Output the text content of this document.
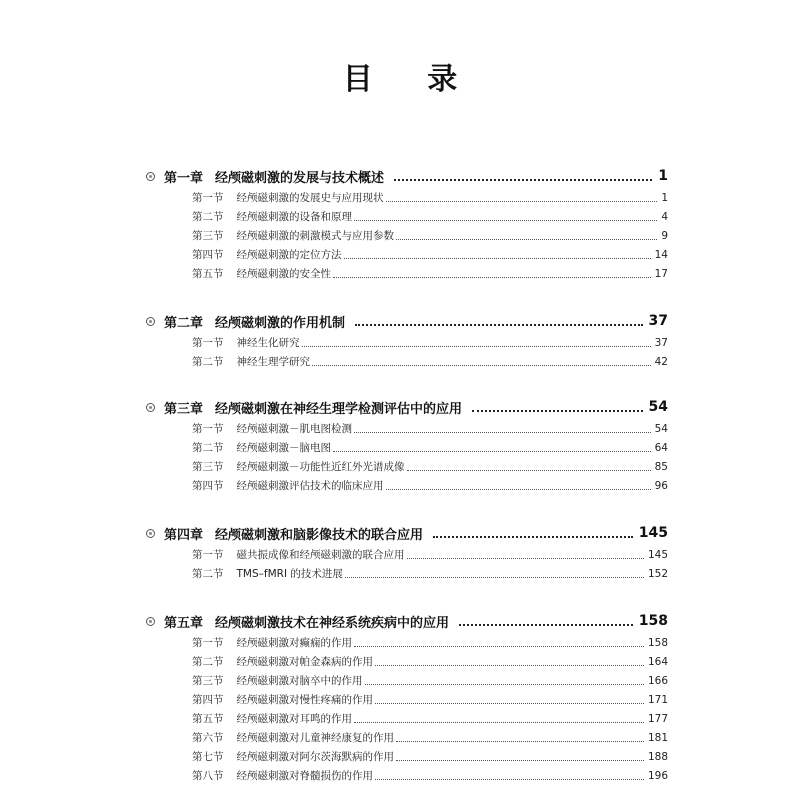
目 录
第一章 经颅磁刺激的发展与技术概述	1
第一节 经颅磁刺激的发展史与应用现状	1
第二节 经颅磁刺激的设备和原理	4
第三节 经颅磁刺激的刺激模式与应用参数	9
第四节 经颅磁刺激的定位方法	14
第五节 经颅磁刺激的安全性	17
第二章 经颅磁刺激的作用机制	37
第一节 神经生化研究	37
第二节 神经生理学研究	42
第三章 经颅磁刺激在神经生理学检测评估中的应用	54
第一节 经颅磁刺激－肌电图检测	54
第二节 经颅磁刺激－脑电图	64
第三节 经颅磁刺激－功能性近红外光谱成像	85
第四节 经颅磁刺激评估技术的临床应用	96
第四章 经颅磁刺激和脑影像技术的联合应用	145
第一节 磁共振成像和经颅磁刺激的联合应用	145
第二节 TMS–fMRI 的技术进展	152
第五章 经颅磁刺激技术在神经系统疾病中的应用	158
第一节 经颅磁刺激对癫痫的作用	158
第二节 经颅磁刺激对帕金森病的作用	164
第三节 经颅磁刺激对脑卒中的作用	166
第四节 经颅磁刺激对慢性疼痛的作用	171
第五节 经颅磁刺激对耳鸣的作用	177
第六节 经颅磁刺激对儿童神经康复的作用	181
第七节 经颅磁刺激对阿尔茨海默病的作用	188
第八节 经颅磁刺激对脊髓损伤的作用	196
